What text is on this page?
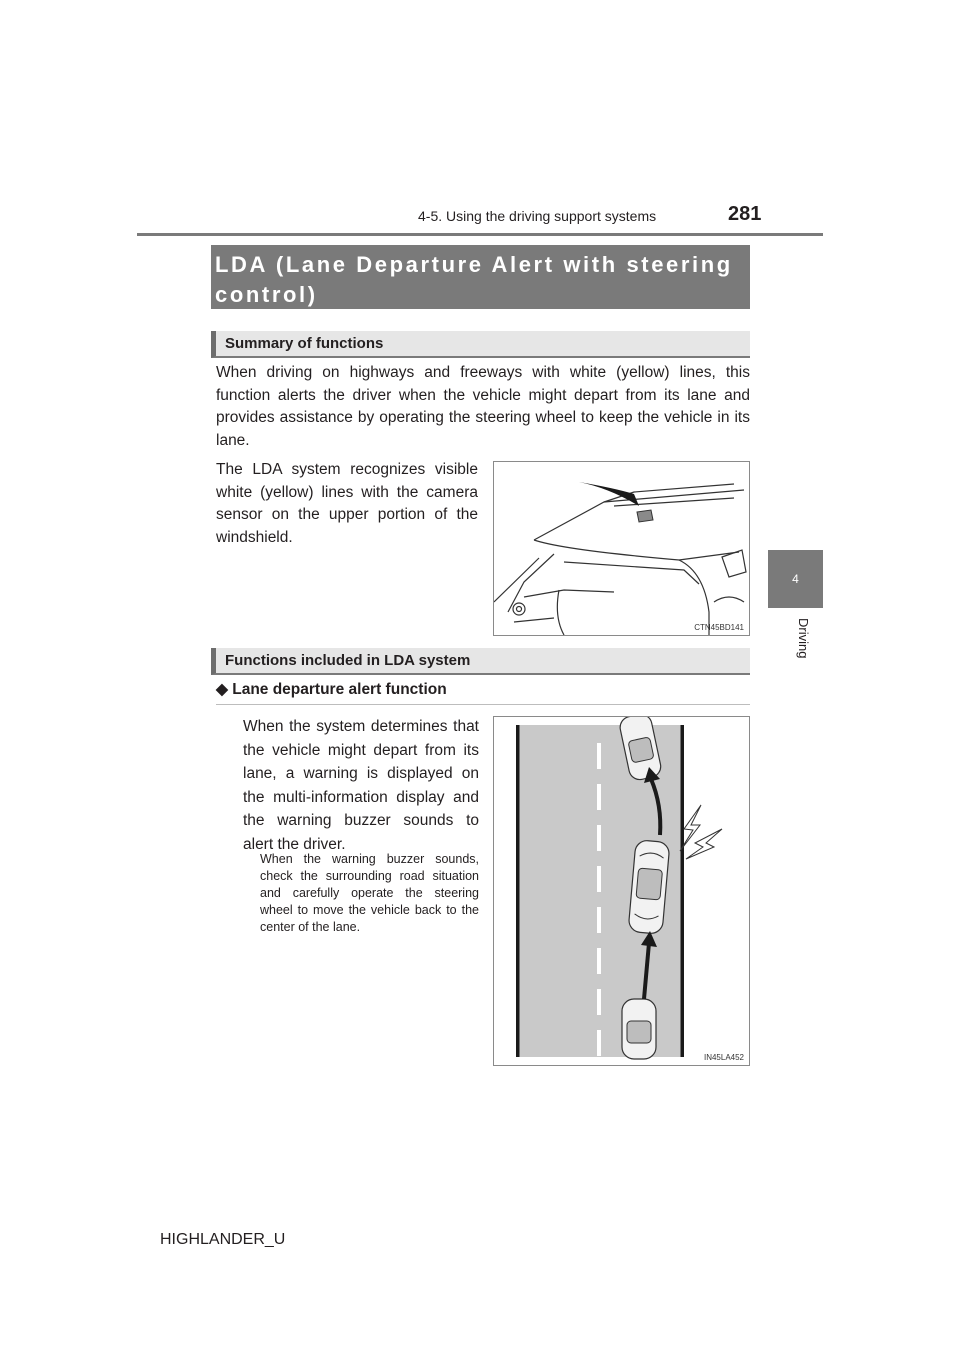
4-5. Using the driving support systems	281
4
Driving
LDA (Lane Departure Alert with steering control)
Summary of functions
When driving on highways and freeways with white (yellow) lines, this function alerts the driver when the vehicle might depart from its lane and provides assistance by operating the steering wheel to keep the vehicle in its lane.
The LDA system recognizes visible white (yellow) lines with the camera sensor on the upper portion of the windshield.
CTN45BD141
Functions included in LDA system
◆ Lane departure alert function
When the system determines that the vehicle might depart from its lane, a warning is displayed on the multi-information display and the warning buzzer sounds to alert the driver.
When the warning buzzer sounds, check the surrounding road situation and carefully operate the steering wheel to move the vehicle back to the center of the lane.
IN45LA452
HIGHLANDER_U
